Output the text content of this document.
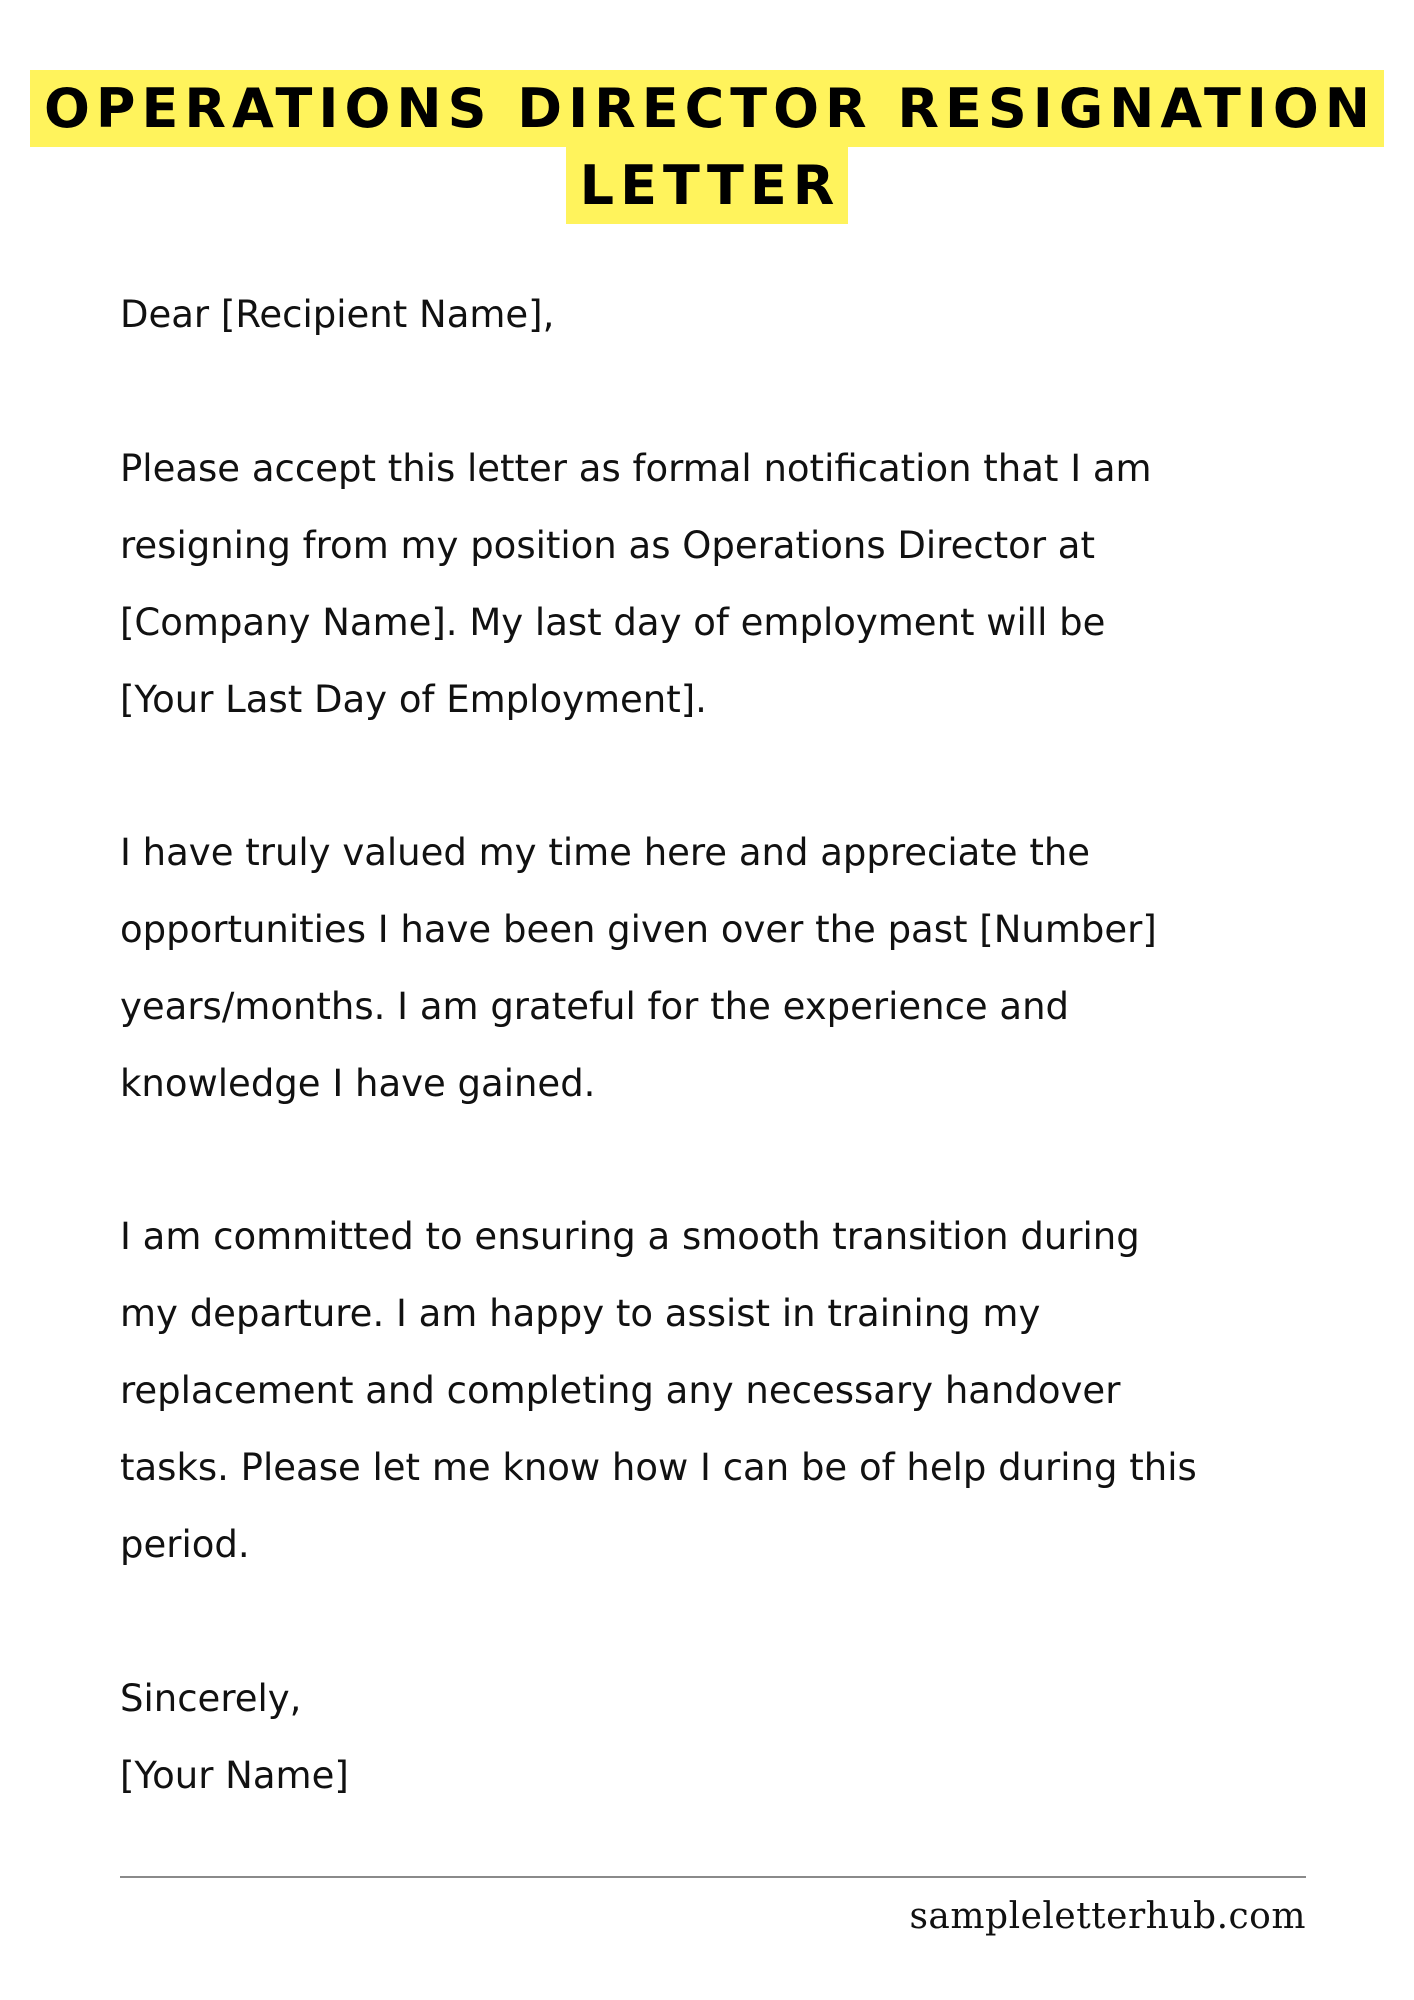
OPERATIONS DIRECTOR RESIGNATION
LETTER
Dear [Recipient Name],
Please accept this letter as formal notification that I am
resigning from my position as Operations Director at
[Company Name]. My last day of employment will be
[Your Last Day of Employment].
I have truly valued my time here and appreciate the
opportunities I have been given over the past [Number]
years/months. I am grateful for the experience and
knowledge I have gained.
I am committed to ensuring a smooth transition during
my departure. I am happy to assist in training my
replacement and completing any necessary handover
tasks. Please let me know how I can be of help during this
period.
Sincerely,
[Your Name]
sampleletterhub.com
